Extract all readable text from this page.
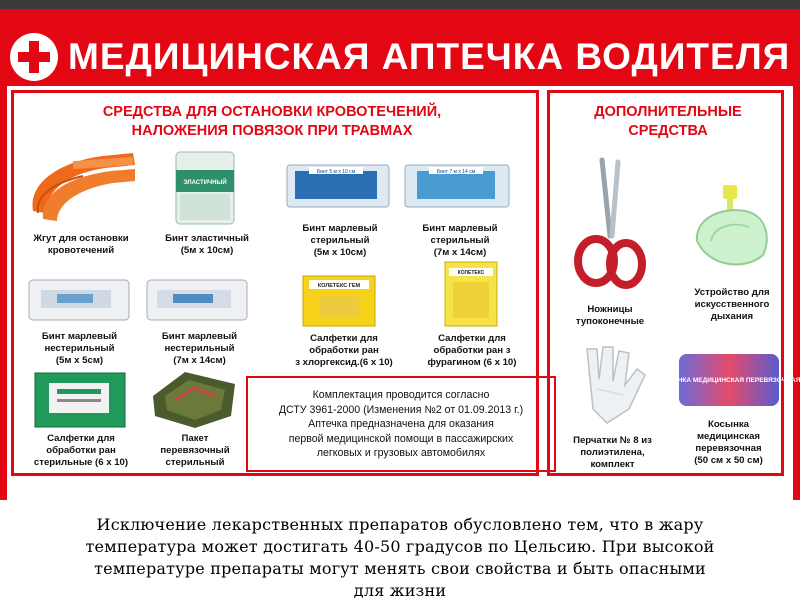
МЕДИЦИНСКАЯ АПТЕЧКА ВОДИТЕЛЯ
СРЕДСТВА ДЛЯ ОСТАНОВКИ КРОВОТЕЧЕНИЙ,
НАЛОЖЕНИЯ ПОВЯЗОК ПРИ ТРАВМАХ
ДОПОЛНИТЕЛЬНЫЕ
СРЕДСТВА
Жгут для остановки
кровотечений
ЭЛАСТИЧНЫЙ
Бинт эластичный
(5м х 10см)
Бинт 5 м х 10 см
Бинт марлевый
стерильный
(5м х 10см)
Бинт 7 м х 14 см
Бинт марлевый
стерильный
(7м х 14см)
Бинт марлевый
нестерильный
(5м х 5см)
Бинт марлевый
нестерильный
(7м х 14см)
КОЛЕТЕКС ГЕМ
Салфетки для
обработки ран
з хлоргексид.(6 х 10)
КОЛЕТЕКС
Салфетки для
обработки ран з
фурагином (6 х 10)
Салфетки для
обработки ран
стерильные (6 х 10)
Пакет
перевязочный
стерильный
Комплектация проводится согласно
ДСТУ 3961-2000 (Изменения №2 от 01.09.2013 г.)
Аптечка предназначена для оказания
первой медицинской помощи в пассажирских
легковых и грузовых автомобилях
Ножницы
тупоконечные
Устройство для
искусственного
дыхания
Перчатки № 8 из
полиэтилена,
комплект
КОСЫНКА МЕДИЦИНСКАЯ ПЕРЕВЯЗОЧНАЯ
Косынка
медицинская
перевязочная
(50 см х 50 см)
Исключение лекарственных препаратов обусловлено тем, что в жару
температура может достигать 40-50 градусов по Цельсию. При высокой
температуре препараты могут менять свои свойства и быть опасными
для жизни
